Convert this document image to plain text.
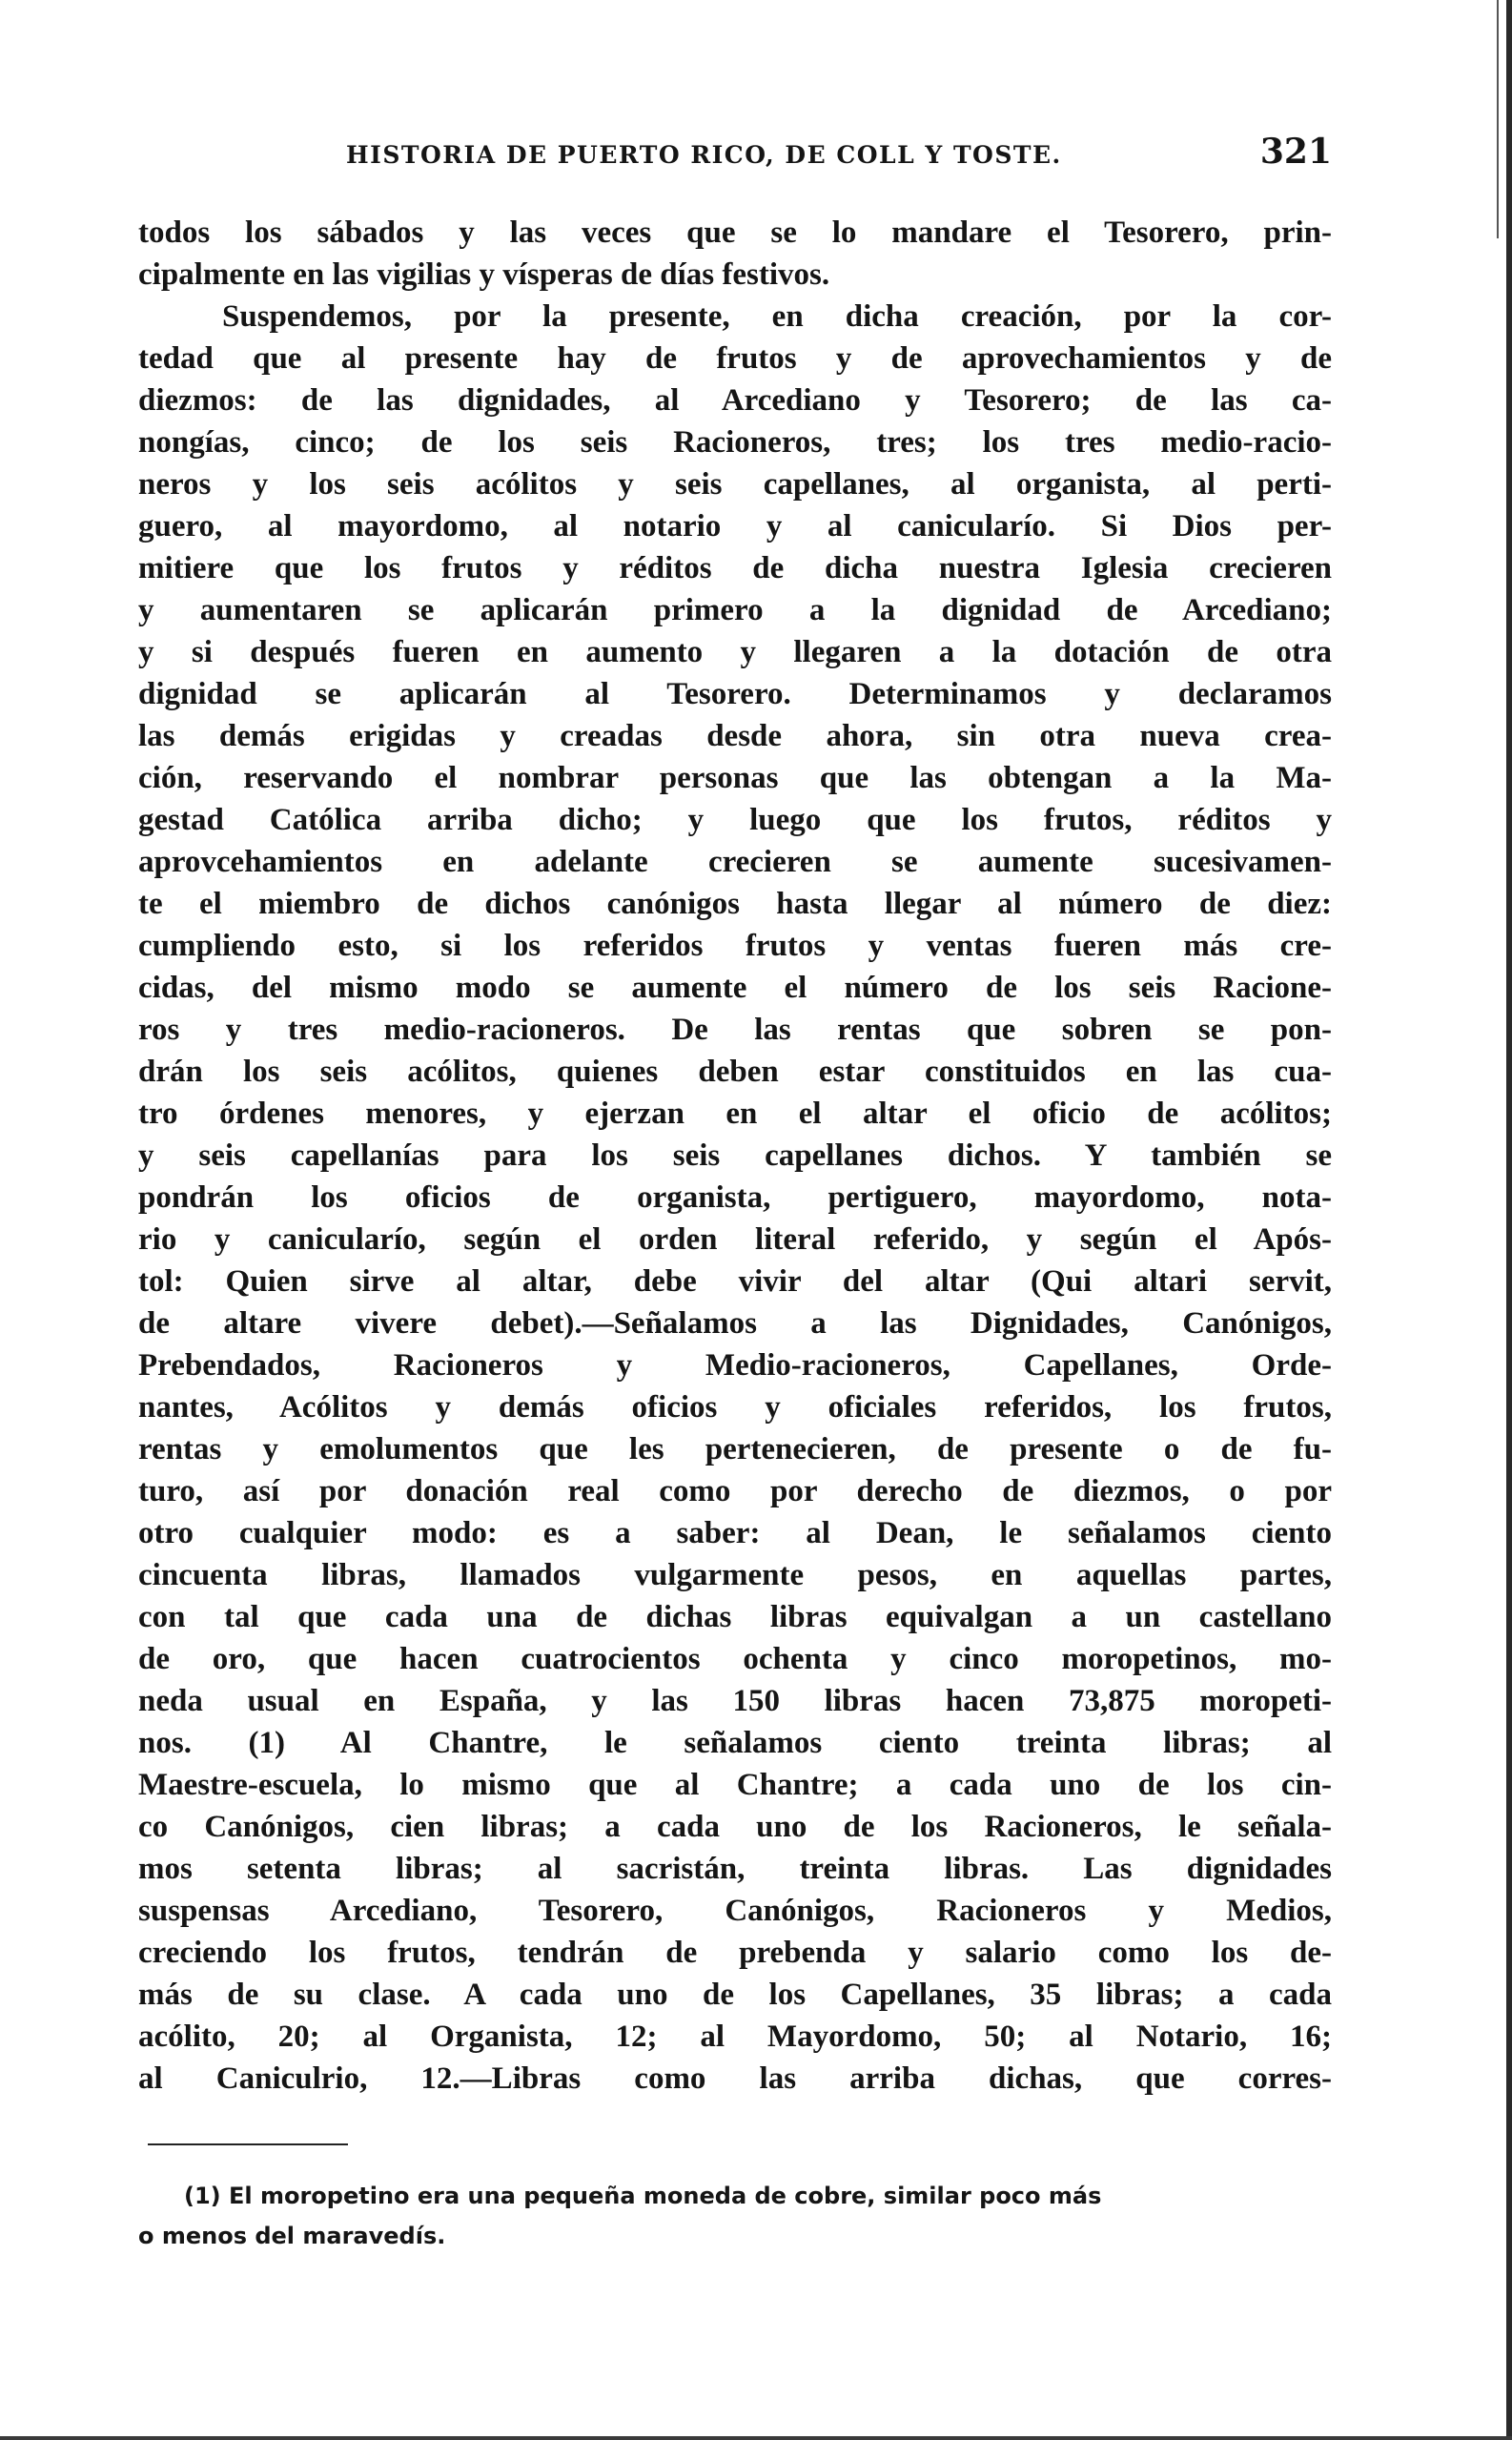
HISTORIA DE PUERTO RICO, DE COLL Y TOSTE.	321
todos los sábados y las veces que se lo mandare el Tesorero, prin-
cipalmente en las vigilias y vísperas de días festivos.
Suspendemos, por la presente, en dicha creación, por la cor-
tedad que al presente hay de frutos y de aprovechamientos y de
diezmos: de las dignidades, al Arcediano y Tesorero; de las ca-
nongías, cinco; de los seis Racioneros, tres; los tres medio-racio-
neros y los seis acólitos y seis capellanes, al organista, al perti-
guero, al mayordomo, al notario y al canicularío. Si Dios per-
mitiere que los frutos y réditos de dicha nuestra Iglesia crecieren
y aumentaren se aplicarán primero a la dignidad de Arcediano;
y si después fueren en aumento y llegaren a la dotación de otra
dignidad se aplicarán al Tesorero. Determinamos y declaramos
las demás erigidas y creadas desde ahora, sin otra nueva crea-
ción, reservando el nombrar personas que las obtengan a la Ma-
gestad Católica arriba dicho; y luego que los frutos, réditos y
aprovcehamientos en adelante crecieren se aumente sucesivamen-
te el miembro de dichos canónigos hasta llegar al número de diez:
cumpliendo esto, si los referidos frutos y ventas fueren más cre-
cidas, del mismo modo se aumente el número de los seis Racione-
ros y tres medio-racioneros. De las rentas que sobren se pon-
drán los seis acólitos, quienes deben estar constituidos en las cua-
tro órdenes menores, y ejerzan en el altar el oficio de acólitos;
y seis capellanías para los seis capellanes dichos. Y también se
pondrán los oficios de organista, pertiguero, mayordomo, nota-
rio y canicularío, según el orden literal referido, y según el Após-
tol: Quien sirve al altar, debe vivir del altar (Qui altari servit,
de altare vivere debet).—Señalamos a las Dignidades, Canónigos,
Prebendados, Racioneros y Medio-racioneros, Capellanes, Orde-
nantes, Acólitos y demás oficios y oficiales referidos, los frutos,
rentas y emolumentos que les pertenecieren, de presente o de fu-
turo, así por donación real como por derecho de diezmos, o por
otro cualquier modo: es a saber: al Dean, le señalamos ciento
cincuenta libras, llamados vulgarmente pesos, en aquellas partes,
con tal que cada una de dichas libras equivalgan a un castellano
de oro, que hacen cuatrocientos ochenta y cinco moropetinos, mo-
neda usual en España, y las 150 libras hacen 73,875 moropeti-
nos. (1) Al Chantre, le señalamos ciento treinta libras; al
Maestre-escuela, lo mismo que al Chantre; a cada uno de los cin-
co Canónigos, cien libras; a cada uno de los Racioneros, le señala-
mos setenta libras; al sacristán, treinta libras. Las dignidades
suspensas Arcediano, Tesorero, Canónigos, Racioneros y Medios,
creciendo los frutos, tendrán de prebenda y salario como los de-
más de su clase. A cada uno de los Capellanes, 35 libras; a cada
acólito, 20; al Organista, 12; al Mayordomo, 50; al Notario, 16;
al Caniculrio, 12.—Libras como las arriba dichas, que corres-
(1) El moropetino era una pequeña moneda de cobre, similar poco más
o menos del maravedís.
